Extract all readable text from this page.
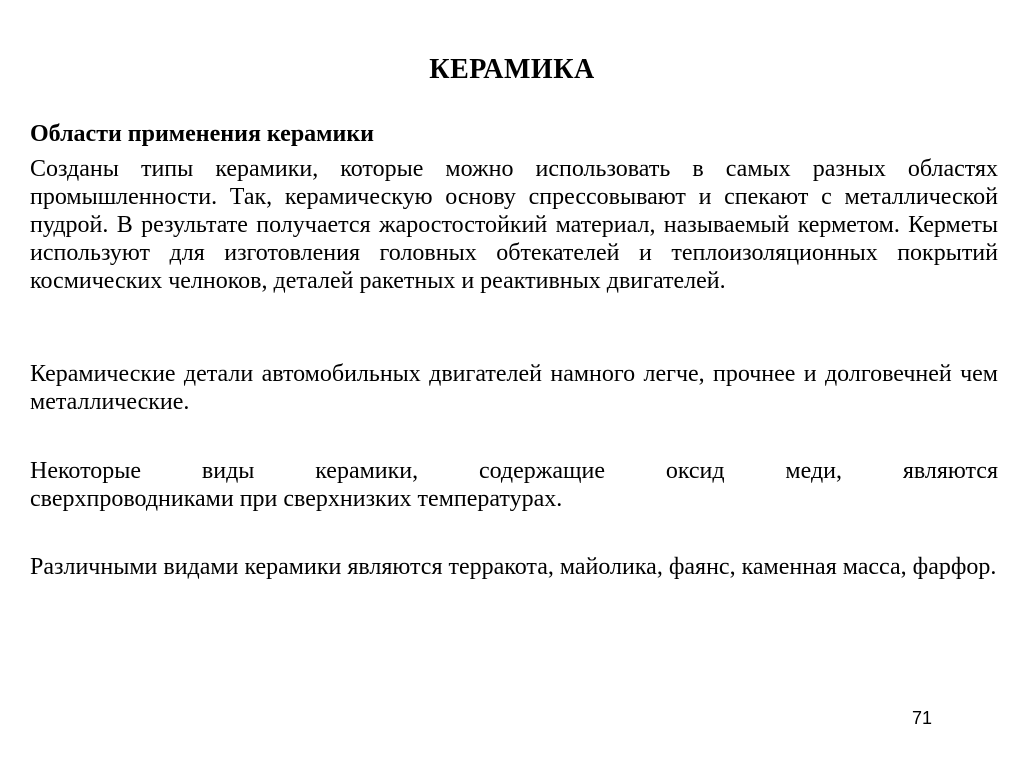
КЕРАМИКА
Области применения керамики

Созданы типы керамики, которые можно использовать в самых разных областях промышленности. Так, керамическую основу спрессовывают и спекают с металлической пудрой. В результате получается жаростостойкий материал, называемый керметом. Керметы используют для изготовления головных обтекателей и теплоизоляционных покрытий космических челноков, деталей ракетных и реактивных двигателей.

Керамические детали автомобильных двигателей намного легче, прочнее и долговечней чем металлические.

Некоторые виды керамики, содержащие оксид меди, являются
сверхпроводниками при сверхнизких температурах.

Различными видами керамики являются терракота, майолика, фаянс, каменная масса, фарфор.

71
